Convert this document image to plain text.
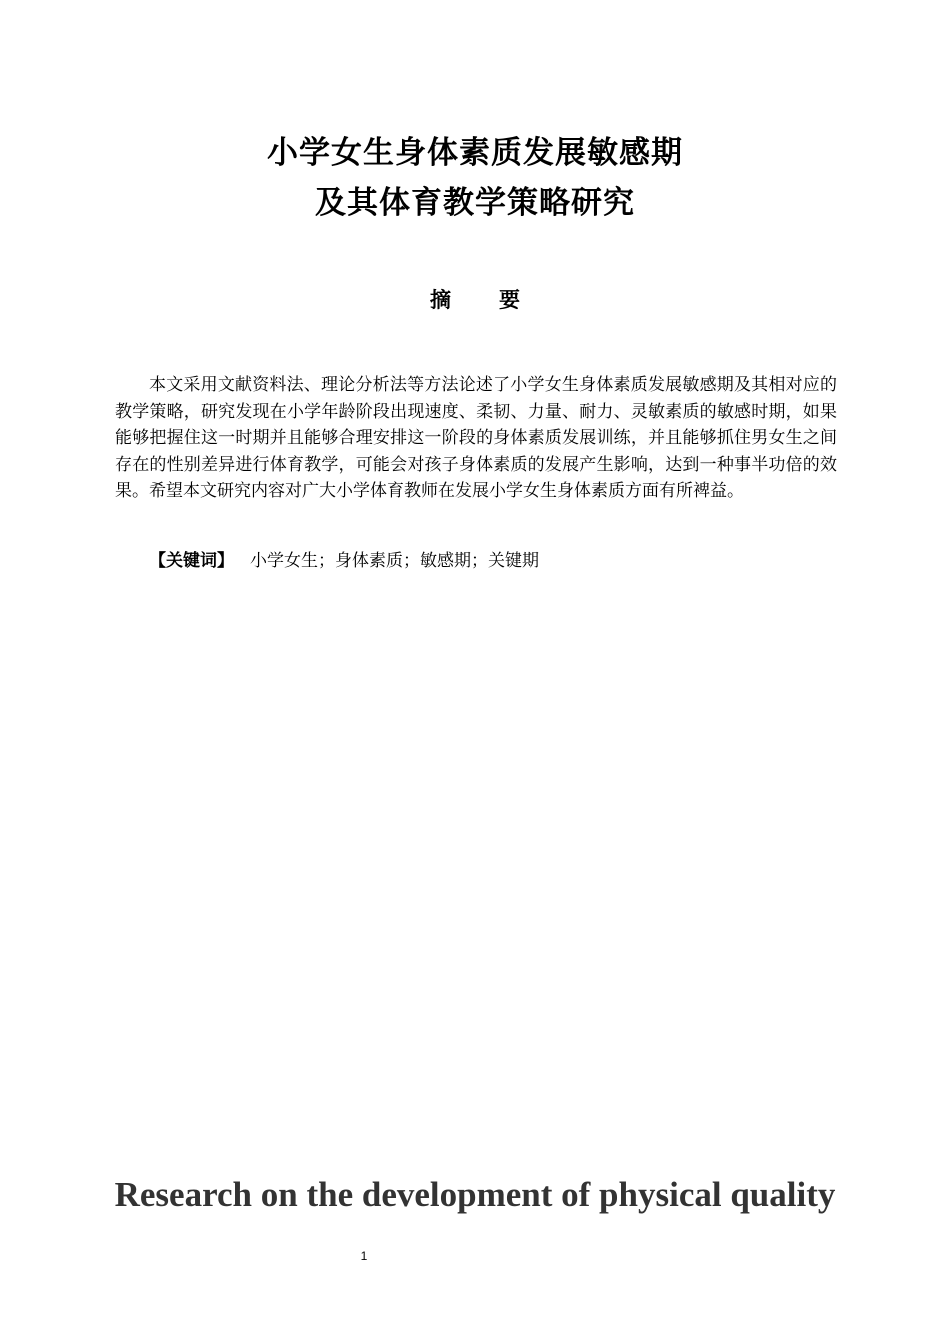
小学女生身体素质发展敏感期
及其体育教学策略研究
摘 要
本文采用文献资料法、理论分析法等方法论述了小学女生身体素质发展敏感期及其相对应的教学策略，研究发现在小学年龄阶段出现速度、柔韧、力量、耐力、灵敏素质的敏感时期，如果能够把握住这一时期并且能够合理安排这一阶段的身体素质发展训练，并且能够抓住男女生之间存在的性别差异进行体育教学，可能会对孩子身体素质的发展产生影响，达到一种事半功倍的效果。希望本文研究内容对广大小学体育教师在发展小学女生身体素质方面有所裨益。
【关键词】 小学女生；身体素质；敏感期；关键期
Research on the development of physical quality
1
